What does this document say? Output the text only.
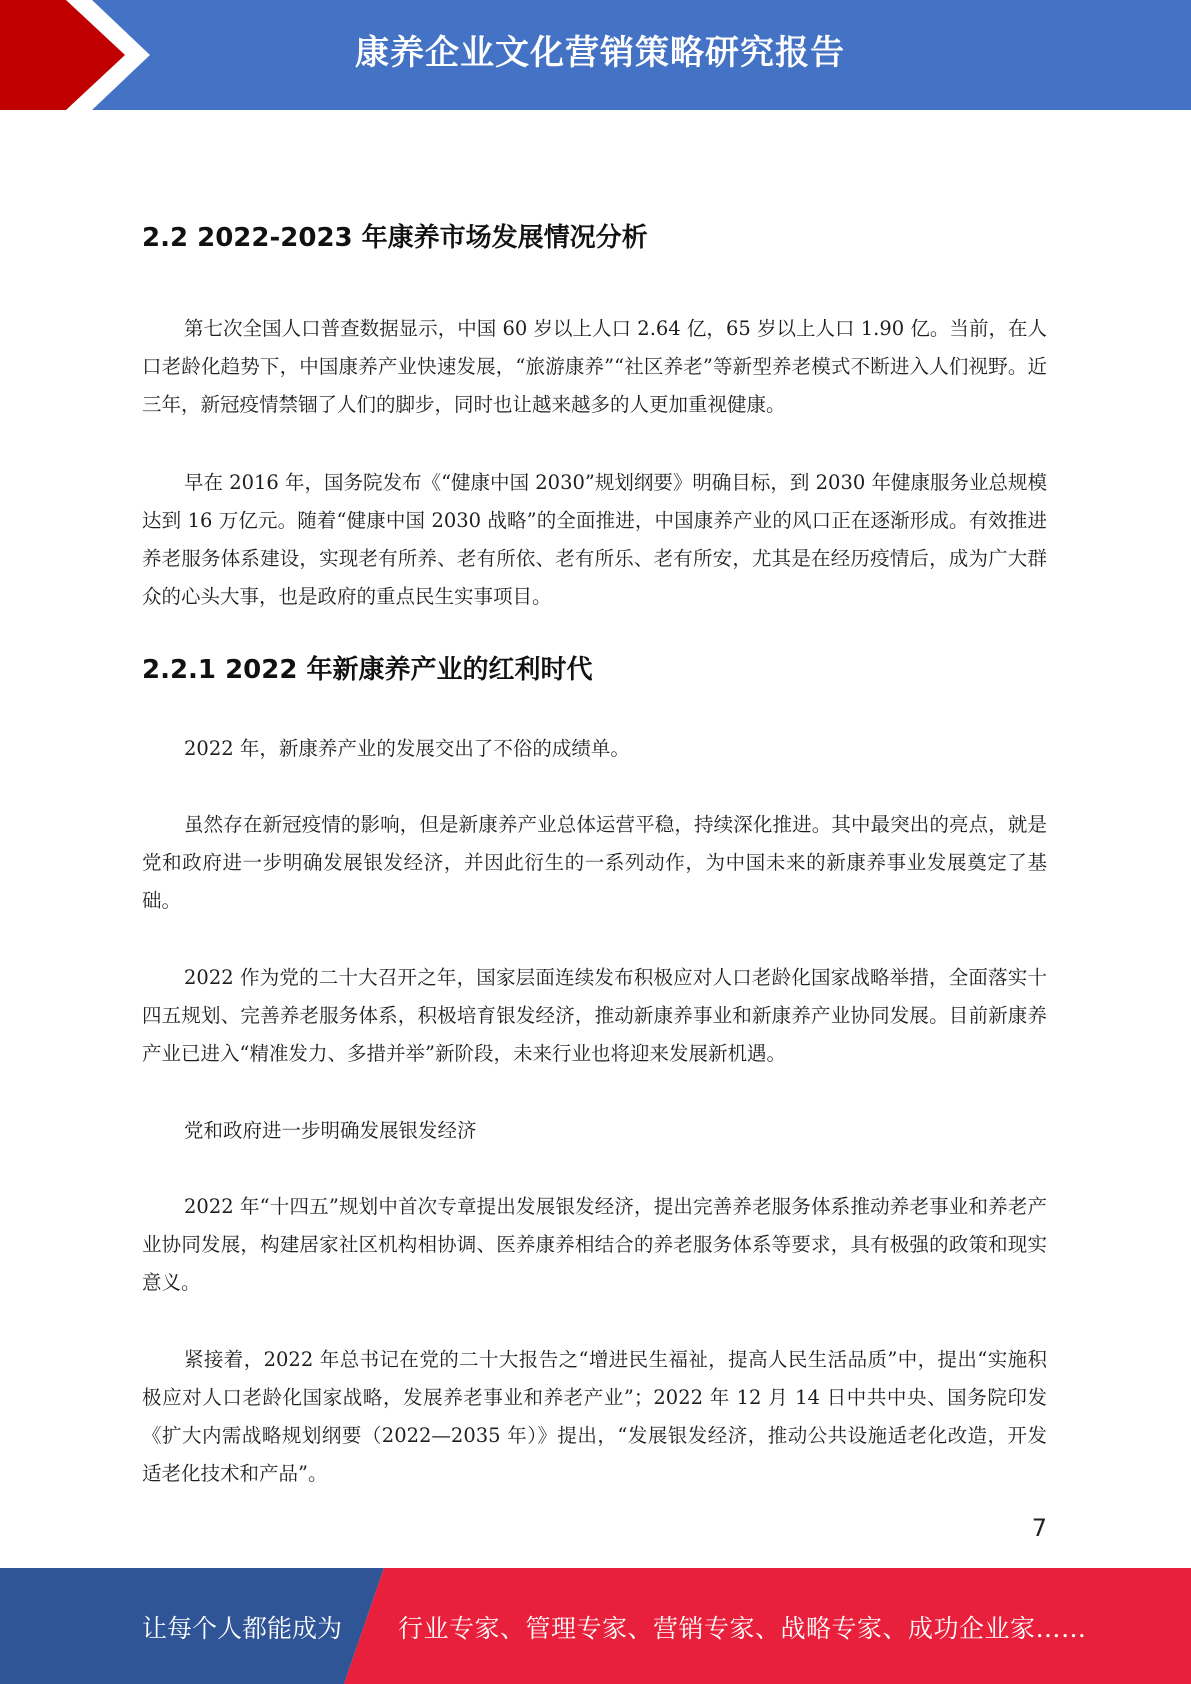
康养企业文化营销策略研究报告
2.2 2022-2023 年康养市场发展情况分析

第七次全国人口普查数据显示，中国 60 岁以上人口 2.64 亿，65 岁以上人口 1.90 亿。当前，在人口老龄化趋势下，中国康养产业快速发展，“旅游康养”“社区养老”等新型养老模式不断进入人们视野。近三年，新冠疫情禁锢了人们的脚步，同时也让越来越多的人更加重视健康。

早在 2016 年，国务院发布《“健康中国 2030”规划纲要》明确目标，到 2030 年健康服务业总规模达到 16 万亿元。随着“健康中国 2030 战略”的全面推进，中国康养产业的风口正在逐渐形成。有效推进养老服务体系建设，实现老有所养、老有所依、老有所乐、老有所安，尤其是在经历疫情后，成为广大群众的心头大事，也是政府的重点民生实事项目。

2.2.1 2022 年新康养产业的红利时代

2022 年，新康养产业的发展交出了不俗的成绩单。

虽然存在新冠疫情的影响，但是新康养产业总体运营平稳，持续深化推进。其中最突出的亮点，就是党和政府进一步明确发展银发经济，并因此衍生的一系列动作，为中国未来的新康养事业发展奠定了基础。

2022 作为党的二十大召开之年，国家层面连续发布积极应对人口老龄化国家战略举措，全面落实十四五规划、完善养老服务体系，积极培育银发经济，推动新康养事业和新康养产业协同发展。目前新康养产业已进入“精准发力、多措并举”新阶段，未来行业也将迎来发展新机遇。

党和政府进一步明确发展银发经济

2022 年“十四五”规划中首次专章提出发展银发经济，提出完善养老服务体系推动养老事业和养老产业协同发展，构建居家社区机构相协调、医养康养相结合的养老服务体系等要求，具有极强的政策和现实意义。

紧接着，2022 年总书记在党的二十大报告之“增进民生福祉，提高人民生活品质”中，提出“实施积极应对人口老龄化国家战略，发展养老事业和养老产业”；2022 年 12 月 14 日中共中央、国务院印发《扩大内需战略规划纲要（2022—2035 年）》提出，“发展银发经济，推动公共设施适老化改造，开发适老化技术和产品”。

7
让每个人都能成为 行业专家、管理专家、营销专家、战略专家、成功企业家……
